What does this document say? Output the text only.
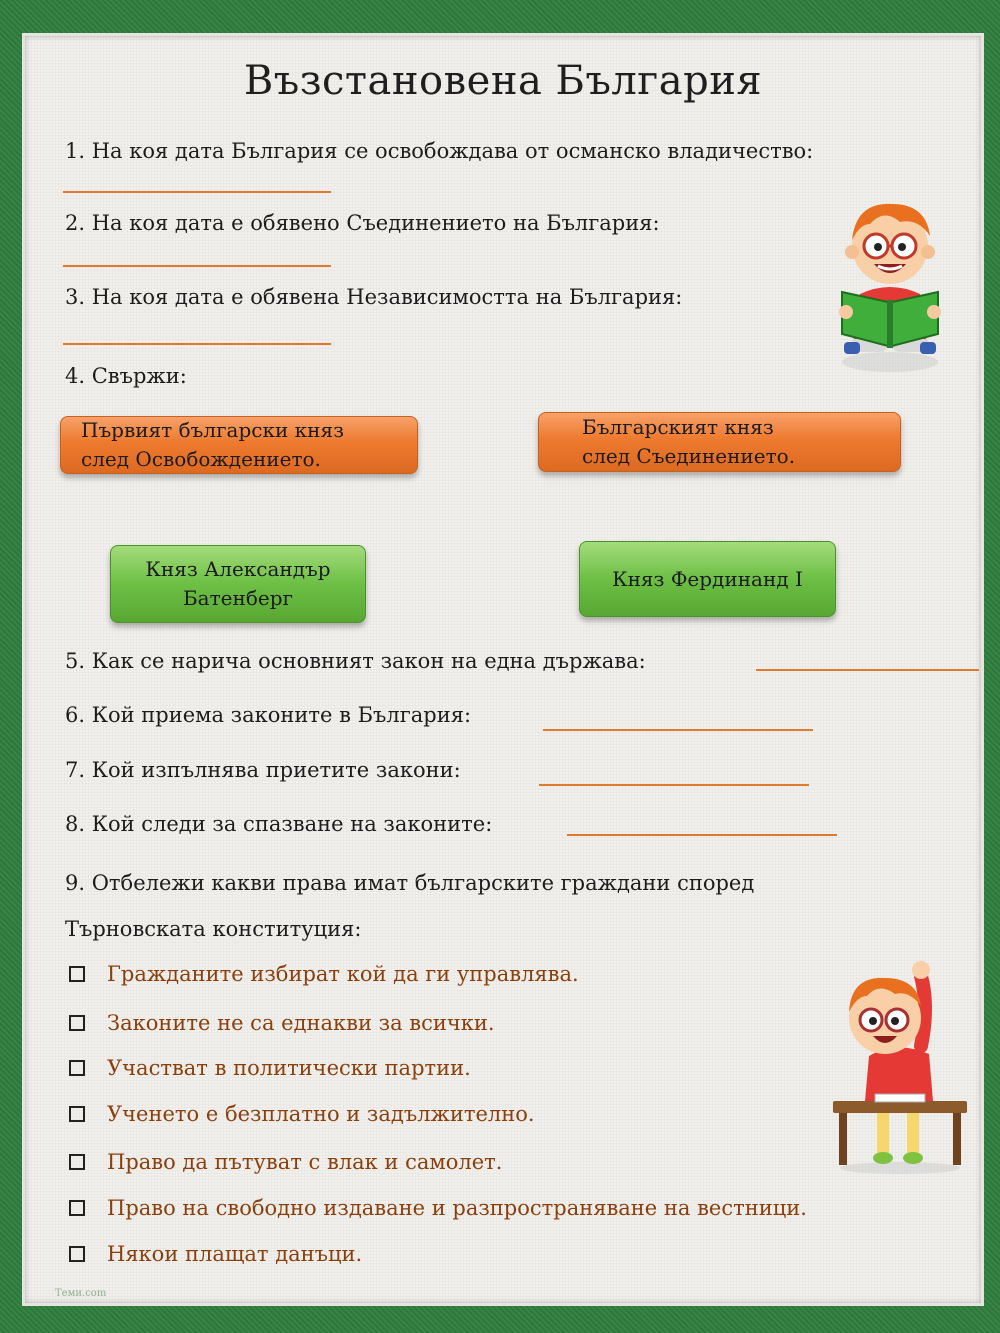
Възстановена България
1. На коя дата България се освобождава от османско владичество:
2. На коя дата е обявено Съединението на България:
3. На коя дата е обявена Независимостта на България:
4. Свържи:
Първият български княз
след Освобождението.
Българският княз
след Съединението.
Княз Александър
Батенберг
Княз Фердинанд I
5. Как се нарича основният закон на една държава:
6. Кой приема законите в България:
7. Кой изпълнява приетите закони:
8. Кой следи за спазване на законите:
9. Отбележи какви права имат българските граждани според
Търновската конституция:
Гражданите избират кой да ги управлява.
Законите не са еднакви за всички.
Участват в политически партии.
Ученето е безплатно и задължително.
Право да пътуват с влак и самолет.
Право на свободно издаване и разпространяване на вестници.
Някои плащат данъци.
Теми.com
